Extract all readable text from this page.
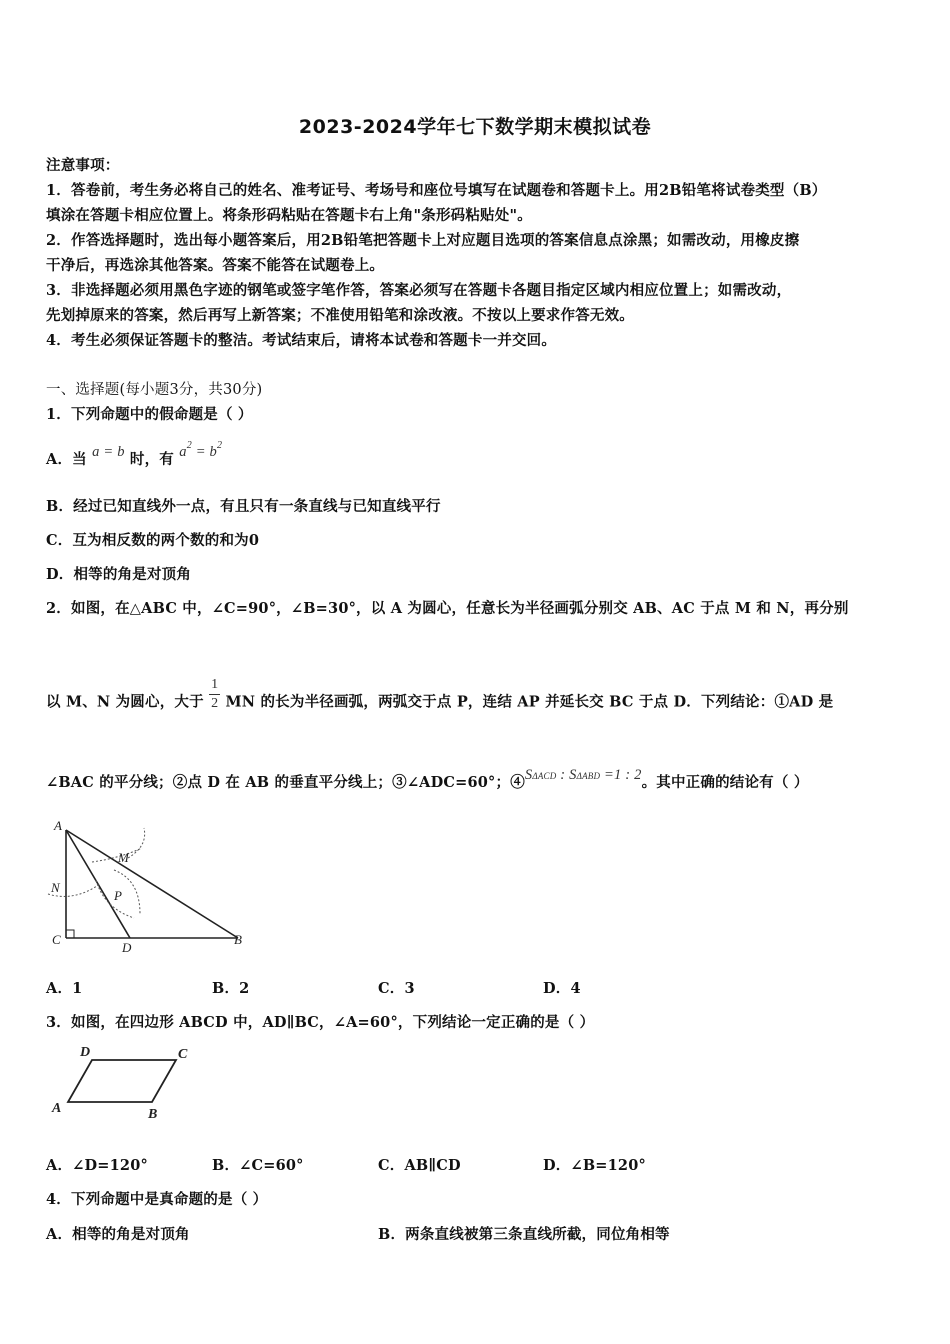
2023-2024学年七下数学期末模拟试卷
注意事项：
1．答卷前，考生务必将自己的姓名、准考证号、考场号和座位号填写在试题卷和答题卡上。用2B铅笔将试卷类型（B）
填涂在答题卡相应位置上。将条形码粘贴在答题卡右上角"条形码粘贴处"。
2．作答选择题时，选出每小题答案后，用2B铅笔把答题卡上对应题目选项的答案信息点涂黑；如需改动，用橡皮擦
干净后，再选涂其他答案。答案不能答在试题卷上。
3．非选择题必须用黑色字迹的钢笔或签字笔作答，答案必须写在答题卡各题目指定区域内相应位置上；如需改动，
先划掉原来的答案，然后再写上新答案；不准使用铅笔和涂改液。不按以上要求作答无效。
4．考生必须保证答题卡的整洁。考试结束后，请将本试卷和答题卡一并交回。
一、选择题(每小题3分，共30分)
1．下列命题中的假命题是（ ）
A．当 a = b 时，有 $a^2 = b^2$
B．经过已知直线外一点，有且只有一条直线与已知直线平行
C．互为相反数的两个数的和为0
D．相等的角是对顶角
2．如图，在△ABC 中，∠C=90°，∠B=30°，以 A 为圆心，任意长为半径画弧分别交 AB、AC 于点 M 和 N，再分别
以 M、N 为圆心，大于 $\frac{1}{2}$ MN 的长为半径画弧，两弧交于点 P，连结 AP 并延长交 BC 于点 D．下列结论：①AD 是
∠BAC 的平分线；②点 D 在 AB 的垂直平分线上；③∠ADC=60°；④SΔACD : SΔABD =1 : 2。其中正确的结论有（ ）
A
M
N
P
C
D
B
A．1	B．2	C．3	D．4
3．如图，在四边形 ABCD 中，AD∥BC，∠A=60°，下列结论一定正确的是（ ）
A	B
C
D
A．∠D=120°	B．∠C=60°	C．AB∥CD	D．∠B=120°
4．下列命题中是真命题的是（ ）
A．相等的角是对顶角	B．两条直线被第三条直线所截，同位角相等
